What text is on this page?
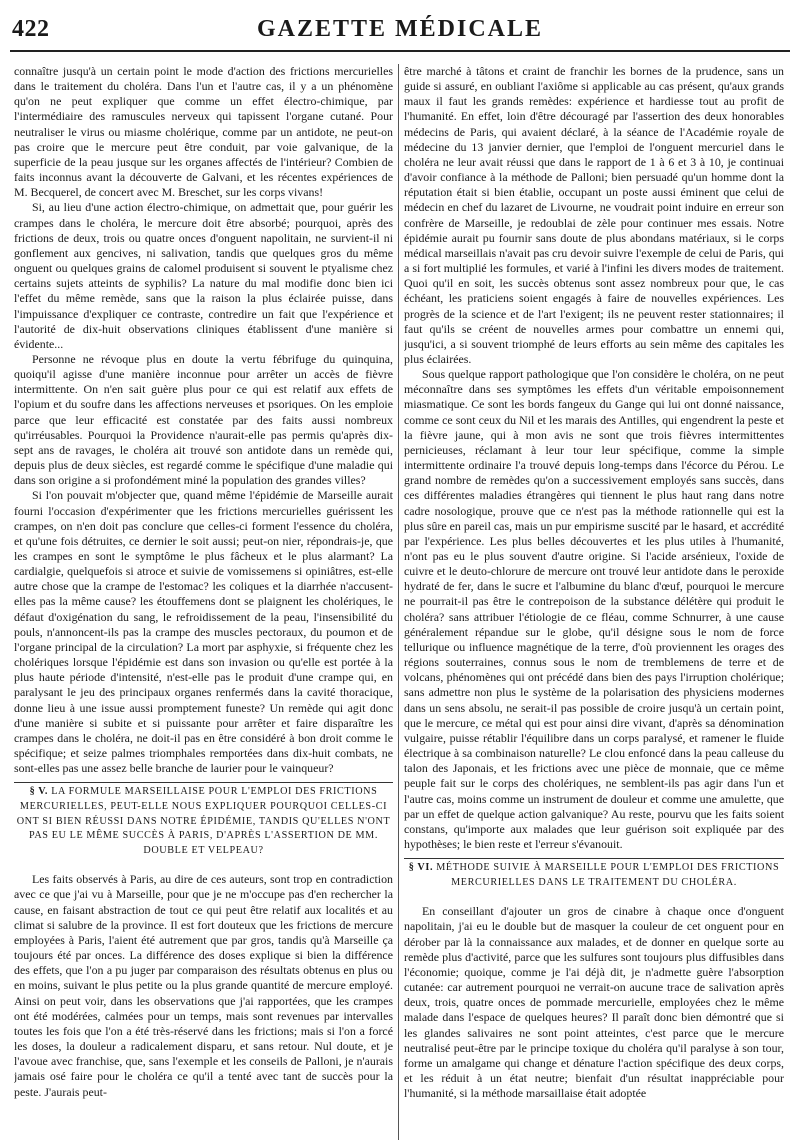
422	GAZETTE MÉDICALE

connaître jusqu'à un certain point le mode d'action des frictions mercurielles dans le traitement du choléra. Dans l'un et l'autre cas, il y a un phénomène qu'on ne peut expliquer que comme un effet électro-chimique, par l'intermédiaire des ramuscules nerveux qui tapissent l'organe cutané. Pour neutraliser le virus ou miasme cholérique, comme par un antidote, ne peut-on pas croire que le mercure peut être conduit, par voie galvanique, de la superficie de la peau jusque sur les organes affectés de l'intérieur? Combien de faits inconnus avant la découverte de Galvani, et les récentes expériences de M. Becquerel, de concert avec M. Breschet, sur les corps vivans!

Si, au lieu d'une action électro-chimique, on admettait que, pour guérir les crampes dans le choléra, le mercure doit être absorbé; pourquoi, après des frictions de deux, trois ou quatre onces d'onguent napolitain, ne survient-il ni gonflement aux gencives, ni salivation, tandis que quelques gros du même onguent ou quelques grains de calomel produisent si souvent le ptyalisme chez certains sujets atteints de syphilis? La nature du mal modifie donc bien ici l'effet du même remède, sans que la raison la plus éclairée puisse, dans l'impuissance d'expliquer ce contraste, contredire un fait que l'expérience et l'autorité de dix-huit observations cliniques établissent d'une manière si évidente...

Personne ne révoque plus en doute la vertu fébrifuge du quinquina, quoiqu'il agisse d'une manière inconnue pour arrêter un accès de fièvre intermittente. On n'en sait guère plus pour ce qui est relatif aux effets de l'opium et du soufre dans les affections nerveuses et psoriques. On les emploie parce que leur efficacité est constatée par des faits aussi nombreux qu'irréusables. Pourquoi la Providence n'aurait-elle pas permis qu'après dix-sept ans de ravages, le choléra ait trouvé son antidote dans un remède qui, depuis plus de deux siècles, est regardé comme le spécifique d'une maladie qui dans son origine a si profondément miné la population des grandes villes?

Si l'on pouvait m'objecter que, quand même l'épidémie de Marseille aurait fourni l'occasion d'expérimenter que les frictions mercurielles guérissent les crampes, on n'en doit pas conclure que celles-ci forment l'essence du choléra, et qu'une fois détruites, ce dernier le soit aussi; peut-on nier, répondrais-je, que les crampes en sont le symptôme le plus fâcheux et le plus alarmant? La cardialgie, quelquefois si atroce et suivie de vomissemens si opiniâtres, est-elle autre chose que la crampe de l'estomac? les coliques et la diarrhée n'accusent-elles pas la même cause? les étouffemens dont se plaignent les cholériques, le défaut d'oxigénation du sang, le refroidissement de la peau, l'insensibilité du pouls, n'annoncent-ils pas la crampe des muscles pectoraux, du poumon et de l'organe principal de la circulation? La mort par asphyxie, si fréquente chez les cholériques lorsque l'épidémie est dans son invasion ou qu'elle est portée à la plus haute période d'intensité, n'est-elle pas le produit d'une crampe qui, en paralysant le jeu des principaux organes renfermés dans la cavité thoracique, donne lieu à une issue aussi promptement funeste? Un remède qui agit donc d'une manière si subite et si puissante pour arrêter et faire disparaître les crampes dans le choléra, ne doit-il pas en être considéré à bon droit comme le spécifique; et seize palmes triomphales remportées dans dix-huit combats, ne sont-elles pas une assez belle branche de laurier pour le vainqueur?

§ V. LA FORMULE MARSEILLAISE POUR L'EMPLOI DES FRICTIONS MERCURIELLES, PEUT-ELLE NOUS EXPLIQUER POURQUOI CELLES-CI ONT SI BIEN RÉUSSI DANS NOTRE ÉPIDÉMIE, TANDIS QU'ELLES N'ONT PAS EU LE MÊME SUCCÈS À PARIS, D'APRÈS L'ASSERTION DE MM. DOUBLE ET VELPEAU?

Les faits observés à Paris, au dire de ces auteurs, sont trop en contradiction avec ce que j'ai vu à Marseille, pour que je ne m'occupe pas d'en rechercher la cause, en faisant abstraction de tout ce qui peut être relatif aux localités et au climat si salubre de la province. Il est fort douteux que les frictions de mercure employées à Paris, l'aient été autrement que par gros, tandis qu'à Marseille ça toujours été par onces. La différence des doses explique si bien la différence des effets, que l'on a pu juger par comparaison des résultats obtenus en plus ou en moins, suivant le plus petite ou la plus grande quantité de mercure employé. Ainsi on peut voir, dans les observations que j'ai rapportées, que les crampes ont été modérées, calmées pour un temps, mais sont revenues par intervalles toutes les fois que l'on a été très-réservé dans les frictions; mais si l'on a forcé les doses, la douleur a radicalement disparu, et sans retour. Nul doute, et je l'avoue avec franchise, que, sans l'exemple et les conseils de Palloni, je n'aurais jamais osé faire pour le choléra ce qu'il a tenté avec tant de succès pour la peste. J'aurais peut-

être marché à tâtons et craint de franchir les bornes de la prudence, sans un guide si assuré, en oubliant l'axiôme si applicable au cas présent, qu'aux grands maux il faut les grands remèdes: expérience et hardiesse tout au profit de l'humanité. En effet, loin d'être découragé par l'assertion des deux honorables médecins de Paris, qui avaient déclaré, à la séance de l'Académie royale de médecine du 13 janvier dernier, que l'emploi de l'onguent mercuriel dans le choléra ne leur avait réussi que dans le rapport de 1 à 6 et 3 à 10, je continuai d'avoir confiance à la méthode de Palloni; bien persuadé qu'un homme dont la réputation était si bien établie, occupant un poste aussi éminent que celui de médecin en chef du lazaret de Livourne, ne voudrait point induire en erreur son confrère de Marseille, je redoublai de zèle pour continuer mes essais. Notre épidémie aurait pu fournir sans doute de plus abondans matériaux, si le corps médical marseillais n'avait pas cru devoir suivre l'exemple de celui de Paris, qui a si fort multiplié les formules, et varié à l'infini les divers modes de traitement. Quoi qu'il en soit, les succès obtenus sont assez nombreux pour que, le cas échéant, les praticiens soient engagés à faire de nouvelles expériences. Les progrès de la science et de l'art l'exigent; ils ne peuvent rester stationnaires; il faut qu'ils se créent de nouvelles armes pour combattre un ennemi qui, jusqu'ici, a si souvent triomphé de leurs efforts au sein même des capitales les plus éclairées.

Sous quelque rapport pathologique que l'on considère le choléra, on ne peut méconnaître dans ses symptômes les effets d'un véritable empoisonnement miasmatique. Ce sont les bords fangeux du Gange qui lui ont donné naissance, comme ce sont ceux du Nil et les marais des Antilles, qui engendrent la peste et la fièvre jaune, qui à mon avis ne sont que trois fièvres intermittentes pernicieuses, réclamant à leur tour leur spécifique, comme la simple intermittente ordinaire l'a trouvé depuis long-temps dans l'écorce du Pérou. Le grand nombre de remèdes qu'on a successivement employés sans succès, dans ces différentes maladies étrangères qui tiennent le plus haut rang dans notre cadre nosologique, prouve que ce n'est pas la méthode rationnelle qui est la plus sûre en pareil cas, mais un pur empirisme suscité par le hasard, et accrédité par l'expérience. Les plus belles découvertes et les plus utiles à l'humanité, n'ont pas eu le plus souvent d'autre origine. Si l'acide arsénieux, l'oxide de cuivre et le deuto-chlorure de mercure ont trouvé leur antidote dans le peroxide hydraté de fer, dans le sucre et l'albumine du blanc d'œuf, pourquoi le mercure ne pourrait-il pas être le contrepoison de la substance délétère qui produit le choléra? sans attribuer l'étiologie de ce fléau, comme Schnurrer, à une cause généralement répandue sur le globe, qu'il désigne sous le nom de force tellurique ou influence magnétique de la terre, d'où proviennent les orages des régions souterraines, connus sous le nom de tremblemens de terre et de volcans, phénomènes qui ont précédé dans bien des pays l'irruption cholérique; sans admettre non plus le système de la polarisation des physiciens modernes dans un sens absolu, ne serait-il pas possible de croire jusqu'à un certain point, que le mercure, ce métal qui est pour ainsi dire vivant, d'après sa dénomination vulgaire, puisse rétablir l'équilibre dans un corps paralysé, et ramener le fluide électrique à sa combinaison naturelle? Le clou enfoncé dans la peau calleuse du talon des Japonais, et les frictions avec une pièce de monnaie, que ce même peuple fait sur le corps des cholériques, ne semblent-ils pas agir dans l'un et l'autre cas, moins comme un instrument de douleur et comme une amulette, que par un effet de quelque action galvanique? Au reste, pourvu que les faits soient constans, qu'importe aux malades que leur guérison soit expliquée par des hypothèses; le bien reste et l'erreur s'évanouit.

§ VI. MÉTHODE SUIVIE À MARSEILLE POUR L'EMPLOI DES FRICTIONS MERCURIELLES DANS LE TRAITEMENT DU CHOLÉRA.

En conseillant d'ajouter un gros de cinabre à chaque once d'onguent napolitain, j'ai eu le double but de masquer la couleur de cet onguent pour en dérober par là la connaissance aux malades, et de donner en quelque sorte au remède plus d'activité, parce que les sulfures sont toujours plus diffusibles dans l'économie; quoique, comme je l'ai déjà dit, je n'admette guère l'absorption cutanée: car autrement pourquoi ne verrait-on aucune trace de salivation après deux, trois, quatre onces de pommade mercurielle, employées chez le même malade dans l'espace de quelques heures? Il paraît donc bien démontré que si les glandes salivaires ne sont point atteintes, c'est parce que le mercure neutralisé peut-être par le principe toxique du choléra qu'il paralyse à son tour, forme un amalgame qui change et dénature l'action spécifique des deux corps, et les réduit à un état neutre; bienfait d'un résultat inappréciable pour l'humanité, si la méthode marsaillaise était adoptée
